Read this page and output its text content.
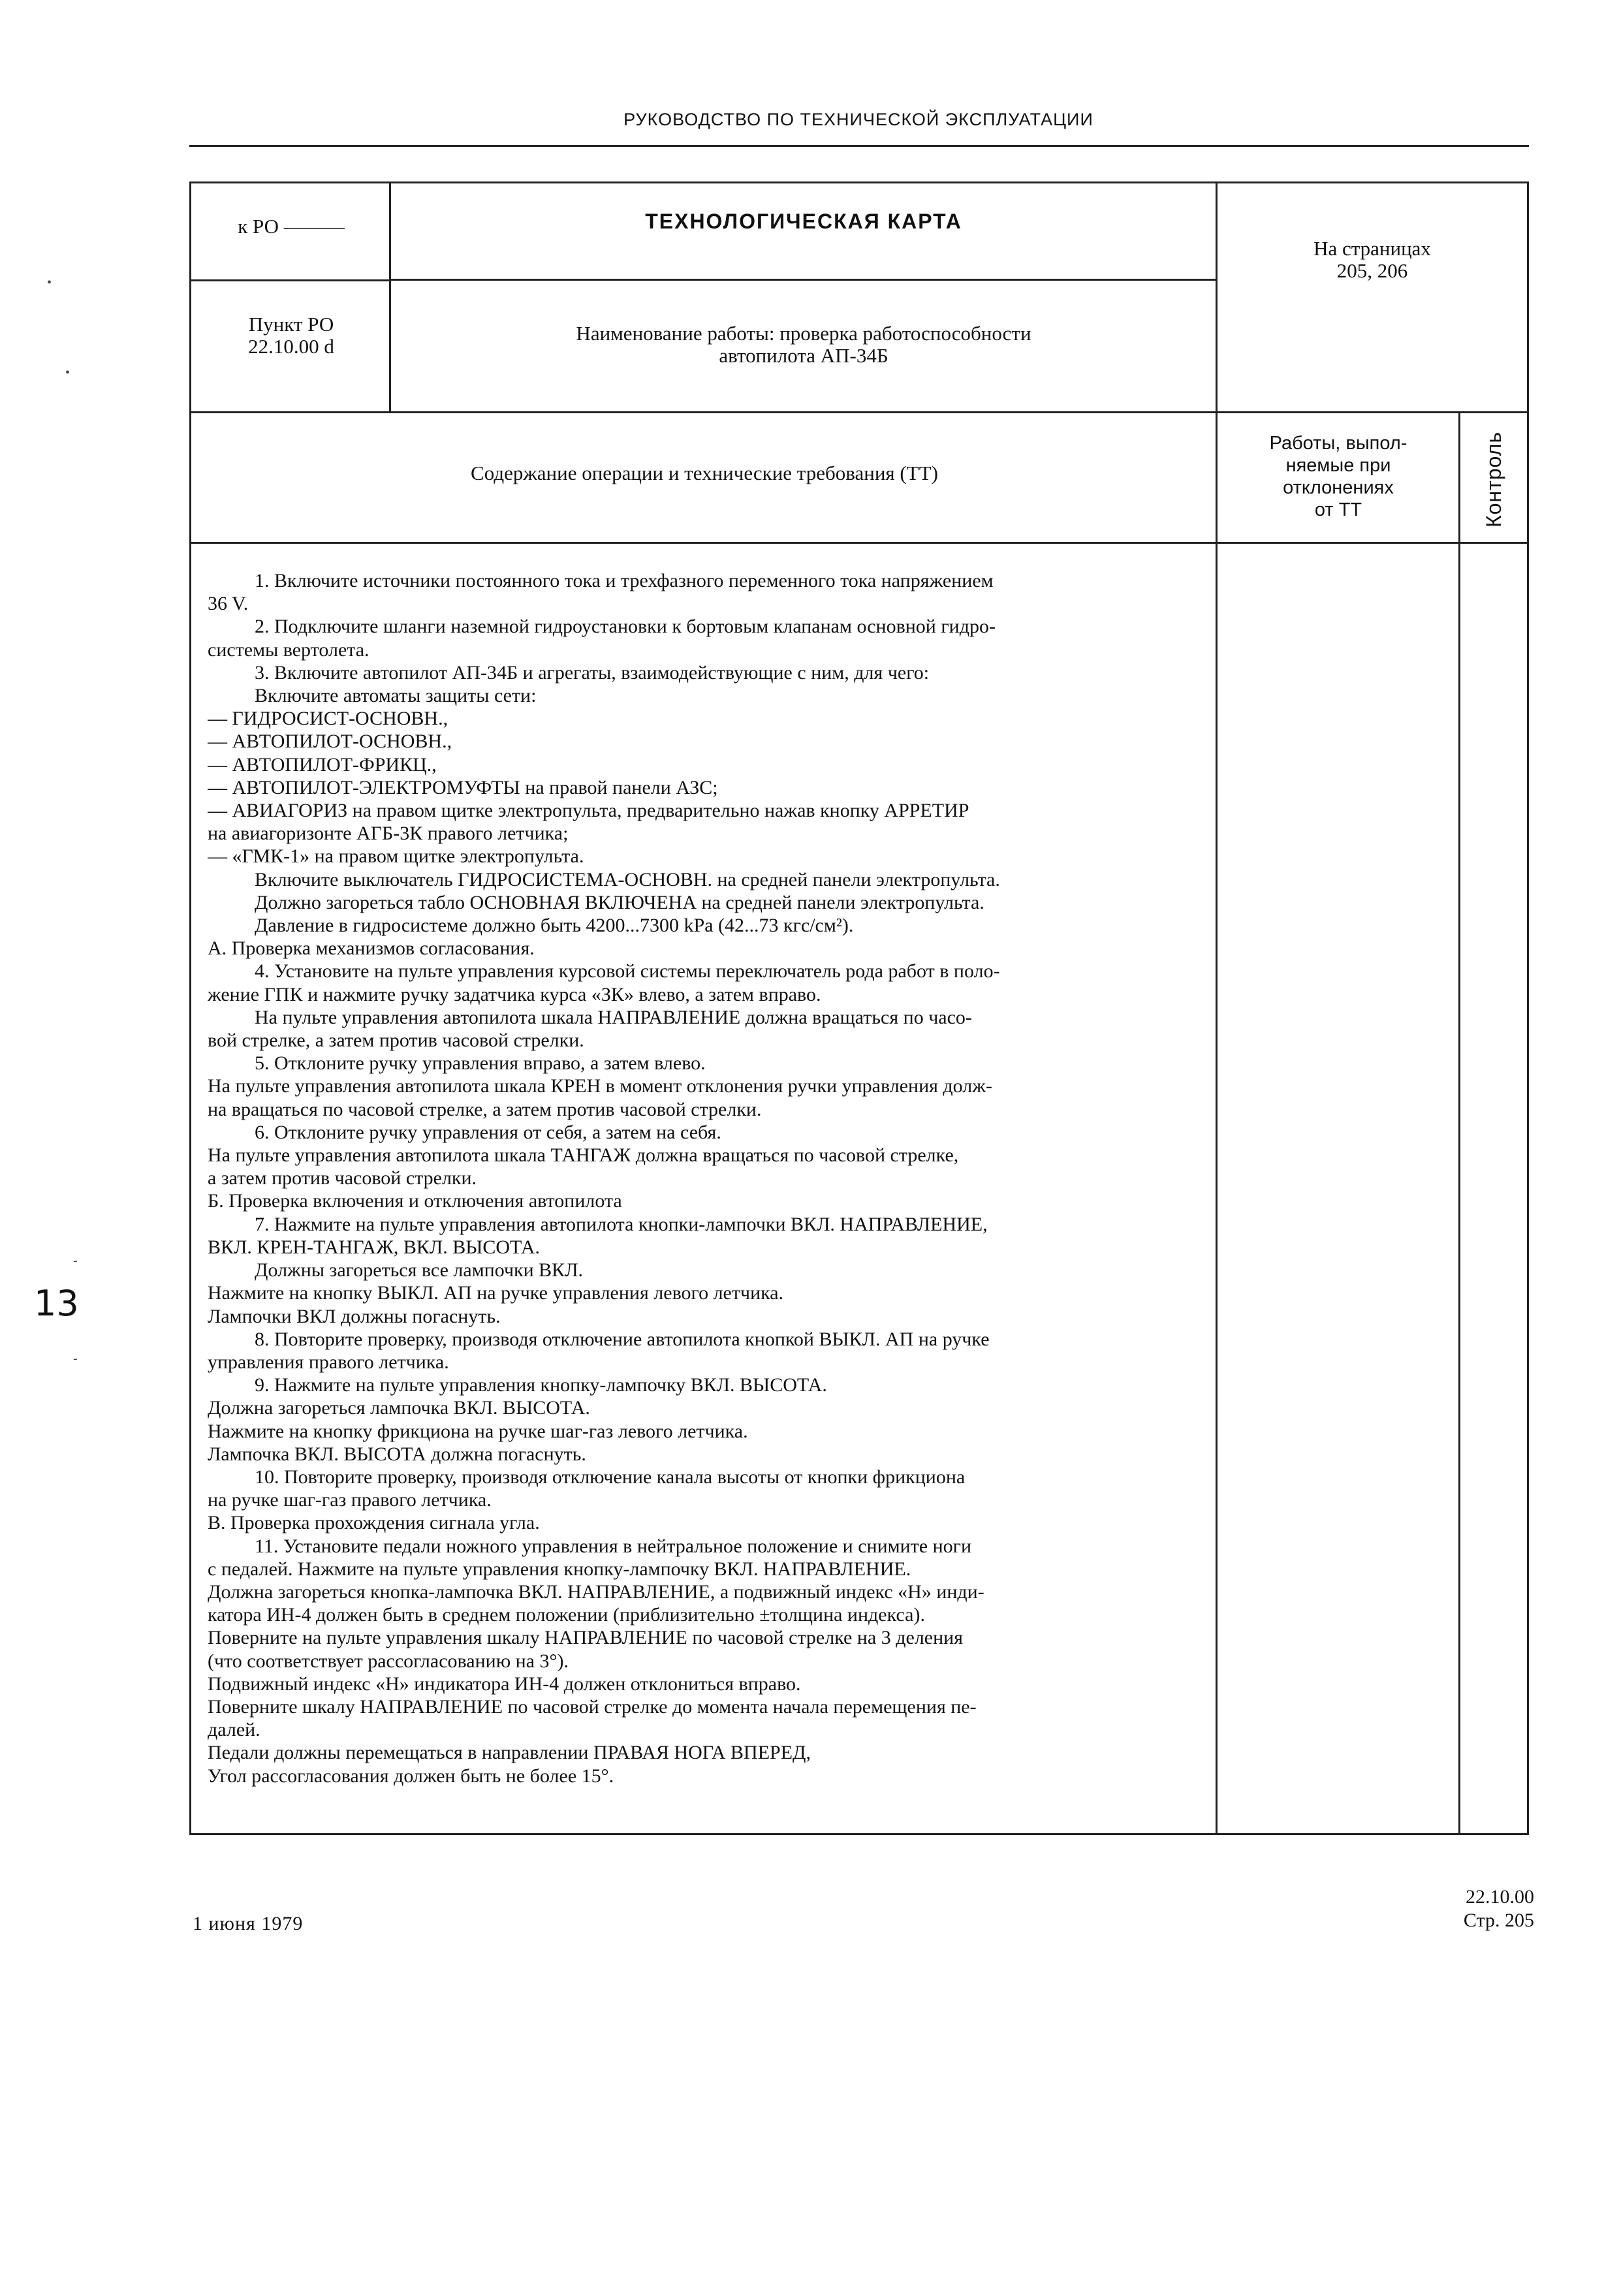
РУКОВОДСТВО ПО ТЕХНИЧЕСКОЙ ЭКСПЛУАТАЦИИ
к РО ———	ТЕХНОЛОГИЧЕСКАЯ КАРТА
На страницах
205, 206
Пункт РО
22.10.00 d
Наименование работы: проверка работоспособности
автопилота АП-34Б
Содержание операции и технические требования (ТТ)
Работы, выпол-
няемые при
отклонениях
от ТТ	Контроль
1. Включите источники постоянного тока и трехфазного переменного тока напряжением
36 V.
2. Подключите шланги наземной гидроустановки к бортовым клапанам основной гидро-
системы вертолета.
3. Включите автопилот АП-34Б и агрегаты, взаимодействующие с ним, для чего:
Включите автоматы защиты сети:
— ГИДРОСИСТ-ОСНОВН.,
— АВТОПИЛОТ-ОСНОВН.,
— АВТОПИЛОТ-ФРИКЦ.,
— АВТОПИЛОТ-ЭЛЕКТРОМУФТЫ на правой панели АЗС;
— АВИАГОРИЗ на правом щитке электропульта, предварительно нажав кнопку АРРЕТИР
на авиагоризонте АГБ-3К правого летчика;
— «ГМК-1» на правом щитке электропульта.
Включите выключатель ГИДРОСИСТЕМА-ОСНОВН. на средней панели электропульта.
Должно загореться табло ОСНОВНАЯ ВКЛЮЧЕНА на средней панели электропульта.
Давление в гидросистеме должно быть 4200...7300 kPa (42...73 кгс/см²).
А. Проверка механизмов согласования.
4. Установите на пульте управления курсовой системы переключатель рода работ в поло-
жение ГПК и нажмите ручку задатчика курса «ЗК» влево, а затем вправо.
На пульте управления автопилота шкала НАПРАВЛЕНИЕ должна вращаться по часо-
вой стрелке, а затем против часовой стрелки.
5. Отклоните ручку управления вправо, а затем влево.
На пульте управления автопилота шкала КРЕН в момент отклонения ручки управления долж-
на вращаться по часовой стрелке, а затем против часовой стрелки.
6. Отклоните ручку управления от себя, а затем на себя.
На пульте управления автопилота шкала ТАНГАЖ должна вращаться по часовой стрелке,
а затем против часовой стрелки.
Б. Проверка включения и отключения автопилота
7. Нажмите на пульте управления автопилота кнопки-лампочки ВКЛ. НАПРАВЛЕНИЕ,
ВКЛ. КРЕН-ТАНГАЖ, ВКЛ. ВЫСОТА.
Должны загореться все лампочки ВКЛ.
Нажмите на кнопку ВЫКЛ. АП на ручке управления левого летчика.
Лампочки ВКЛ должны погаснуть.
8. Повторите проверку, производя отключение автопилота кнопкой ВЫКЛ. АП на ручке
управления правого летчика.
9. Нажмите на пульте управления кнопку-лампочку ВКЛ. ВЫСОТА.
Должна загореться лампочка ВКЛ. ВЫСОТА.
Нажмите на кнопку фрикциона на ручке шаг-газ левого летчика.
Лампочка ВКЛ. ВЫСОТА должна погаснуть.
10. Повторите проверку, производя отключение канала высоты от кнопки фрикциона
на ручке шаг-газ правого летчика.
В. Проверка прохождения сигнала угла.
11. Установите педали ножного управления в нейтральное положение и снимите ноги
с педалей. Нажмите на пульте управления кнопку-лампочку ВКЛ. НАПРАВЛЕНИЕ.
Должна загореться кнопка-лампочка ВКЛ. НАПРАВЛЕНИЕ, а подвижный индекс «Н» инди-
катора ИН-4 должен быть в среднем положении (приблизительно ±толщина индекса).
Поверните на пульте управления шкалу НАПРАВЛЕНИЕ по часовой стрелке на 3 деления
(что соответствует рассогласованию на 3°).
Подвижный индекс «Н» индикатора ИН-4 должен отклониться вправо.
Поверните шкалу НАПРАВЛЕНИЕ по часовой стрелке до момента начала перемещения пе-
далей.
Педали должны перемещаться в направлении ПРАВАЯ НОГА ВПЕРЕД,
Угол рассогласования должен быть не более 15°.
1 июня 1979
22.10.00
Стр. 205
13
•
•
-
-
